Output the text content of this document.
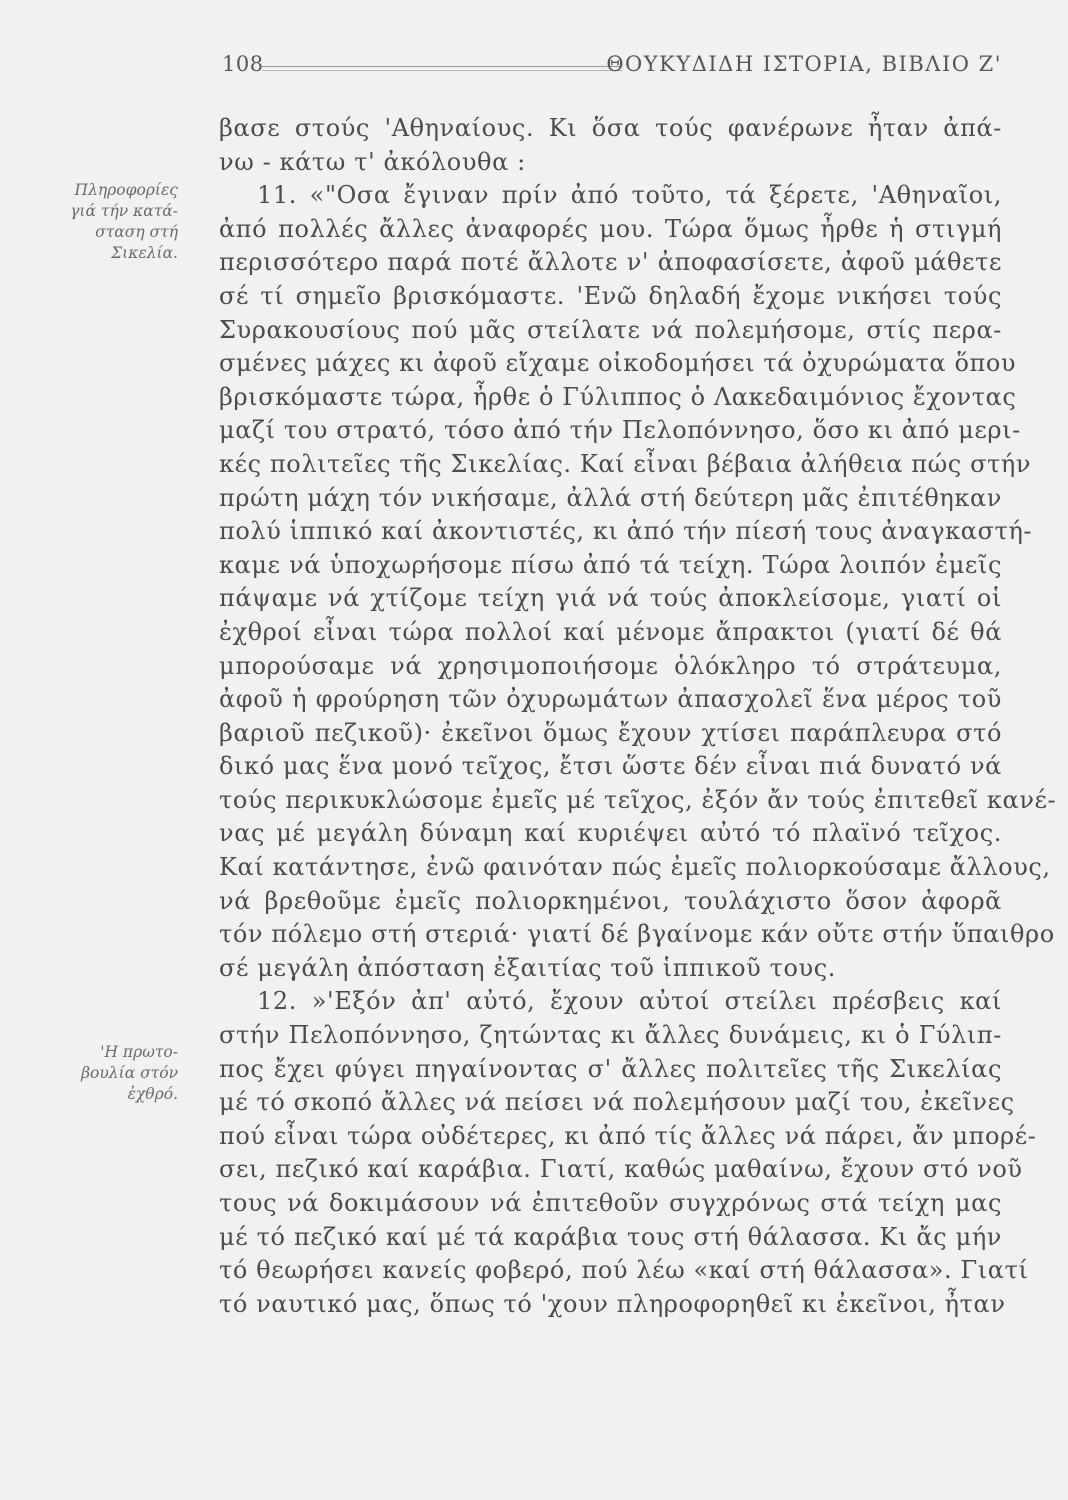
108	ΘΟΥΚΥΔΙΔΗ ΙΣΤΟΡΙΑ, ΒΙΒΛΙΟ Ζ'
Πληροφορίες
γιά τήν κατά-
σταση στή
Σικελία.
'Η πρωτο-
βουλία στόν
ἐχθρό.
βασε στούς 'Αθηναίους. Κι ὅσα τούς φανέρωνε ἦταν ἀπά-
νω - κάτω τ' ἀκόλουθα :
11. «"Οσα ἔγιναν πρίν ἀπό τοῦτο, τά ξέρετε, 'Αθηναῖοι,
ἀπό πολλές ἄλλες ἀναφορές μου. Τώρα ὅμως ἦρθε ἡ στιγμή
περισσότερο παρά ποτέ ἄλλοτε ν' ἀποφασίσετε, ἀφοῦ μάθετε
σέ τί σημεῖο βρισκόμαστε. 'Ενῶ δηλαδή ἔχομε νικήσει τούς
Συρακουσίους πού μᾶς στείλατε νά πολεμήσομε, στίς περα-
σμένες μάχες κι ἀφοῦ εἴχαμε οἰκοδομήσει τά ὀχυρώματα ὅπου
βρισκόμαστε τώρα, ἦρθε ὁ Γύλιππος ὁ Λακεδαιμόνιος ἔχοντας
μαζί του στρατό, τόσο ἀπό τήν Πελοπόννησο, ὅσο κι ἀπό μερι-
κές πολιτεῖες τῆς Σικελίας. Καί εἶναι βέβαια ἀλήθεια πώς στήν
πρώτη μάχη τόν νικήσαμε, ἀλλά στή δεύτερη μᾶς ἐπιτέθηκαν
πολύ ἱππικό καί ἀκοντιστές, κι ἀπό τήν πίεσή τους ἀναγκαστή-
καμε νά ὑποχωρήσομε πίσω ἀπό τά τείχη. Τώρα λοιπόν ἐμεῖς
πάψαμε νά χτίζομε τείχη γιά νά τούς ἀποκλείσομε, γιατί οἱ
ἐχθροί εἶναι τώρα πολλοί καί μένομε ἄπρακτοι (γιατί δέ θά
μπορούσαμε νά χρησιμοποιήσομε ὁλόκληρο τό στράτευμα,
ἀφοῦ ἡ φρούρηση τῶν ὀχυρωμάτων ἀπασχολεῖ ἕνα μέρος τοῦ
βαριοῦ πεζικοῦ)· ἐκεῖνοι ὅμως ἔχουν χτίσει παράπλευρα στό
δικό μας ἕνα μονό τεῖχος, ἔτσι ὥστε δέν εἶναι πιά δυνατό νά
τούς περικυκλώσομε ἐμεῖς μέ τεῖχος, ἐξόν ἄν τούς ἐπιτεθεῖ κανέ-
νας μέ μεγάλη δύναμη καί κυριέψει αὐτό τό πλαϊνό τεῖχος.
Καί κατάντησε, ἐνῶ φαινόταν πώς ἐμεῖς πολιορκούσαμε ἄλλους,
νά βρεθοῦμε ἐμεῖς πολιορκημένοι, τουλάχιστο ὅσον ἀφορᾶ
τόν πόλεμο στή στεριά· γιατί δέ βγαίνομε κάν οὔτε στήν ὕπαιθρο
σέ μεγάλη ἀπόσταση ἐξαιτίας τοῦ ἱππικοῦ τους.
12. »'Εξόν ἀπ' αὐτό, ἔχουν αὐτοί στείλει πρέσβεις καί
στήν Πελοπόννησο, ζητώντας κι ἄλλες δυνάμεις, κι ὁ Γύλιπ-
πος ἔχει φύγει πηγαίνοντας σ' ἄλλες πολιτεῖες τῆς Σικελίας
μέ τό σκοπό ἄλλες νά πείσει νά πολεμήσουν μαζί του, ἐκεῖνες
πού εἶναι τώρα οὐδέτερες, κι ἀπό τίς ἄλλες νά πάρει, ἄν μπορέ-
σει, πεζικό καί καράβια. Γιατί, καθώς μαθαίνω, ἔχουν στό νοῦ
τους νά δοκιμάσουν νά ἐπιτεθοῦν συγχρόνως στά τείχη μας
μέ τό πεζικό καί μέ τά καράβια τους στή θάλασσα. Κι ἄς μήν
τό θεωρήσει κανείς φοβερό, πού λέω «καί στή θάλασσα». Γιατί
τό ναυτικό μας, ὅπως τό 'χουν πληροφορηθεῖ κι ἐκεῖνοι, ἦταν
